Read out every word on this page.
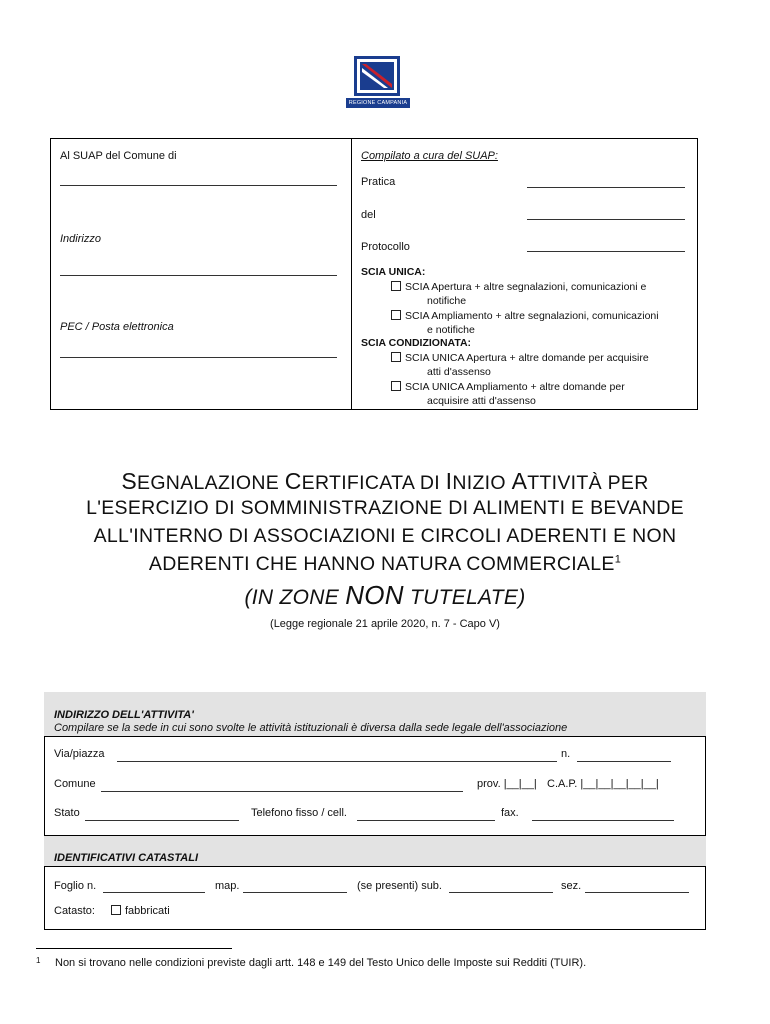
REGIONE CAMPANIA
Al SUAP del Comune di
Indirizzo
PEC / Posta elettronica
Compilato a cura del SUAP:
Pratica
del
Protocollo
SCIA UNICA:
SCIA Apertura + altre segnalazioni, comunicazioni e
notifiche
SCIA Ampliamento + altre segnalazioni, comunicazioni
e notifiche
SCIA CONDIZIONATA:
SCIA UNICA Apertura + altre domande per acquisire
atti d'assenso
SCIA UNICA Ampliamento + altre domande per
acquisire atti d'assenso
SEGNALAZIONE CERTIFICATA DI INIZIO ATTIVITÀ PER
L'ESERCIZIO DI SOMMINISTRAZIONE DI ALIMENTI E BEVANDE
ALL'INTERNO DI ASSOCIAZIONI E CIRCOLI ADERENTI E NON
ADERENTI CHE HANNO NATURA COMMERCIALE$^1$
(IN ZONE NON TUTELATE)
(Legge regionale 21 aprile 2020, n. 7 - Capo V)
INDIRIZZO DELL'ATTIVITA'
Compilare se la sede in cui sono svolte le attività istituzionali è diversa dalla sede legale dell'associazione
Via/piazza	n.
Comune	prov. |__|__| C.A.P. |__|__|__|__|__|
Stato	Telefono fisso / cell.	fax.
IDENTIFICATIVI CATASTALI
Foglio n.	map.	(se presenti) sub.	sez.
Catasto:	fabbricati
1 Non si trovano nelle condizioni previste dagli artt. 148 e 149 del Testo Unico delle Imposte sui Redditi (TUIR).
